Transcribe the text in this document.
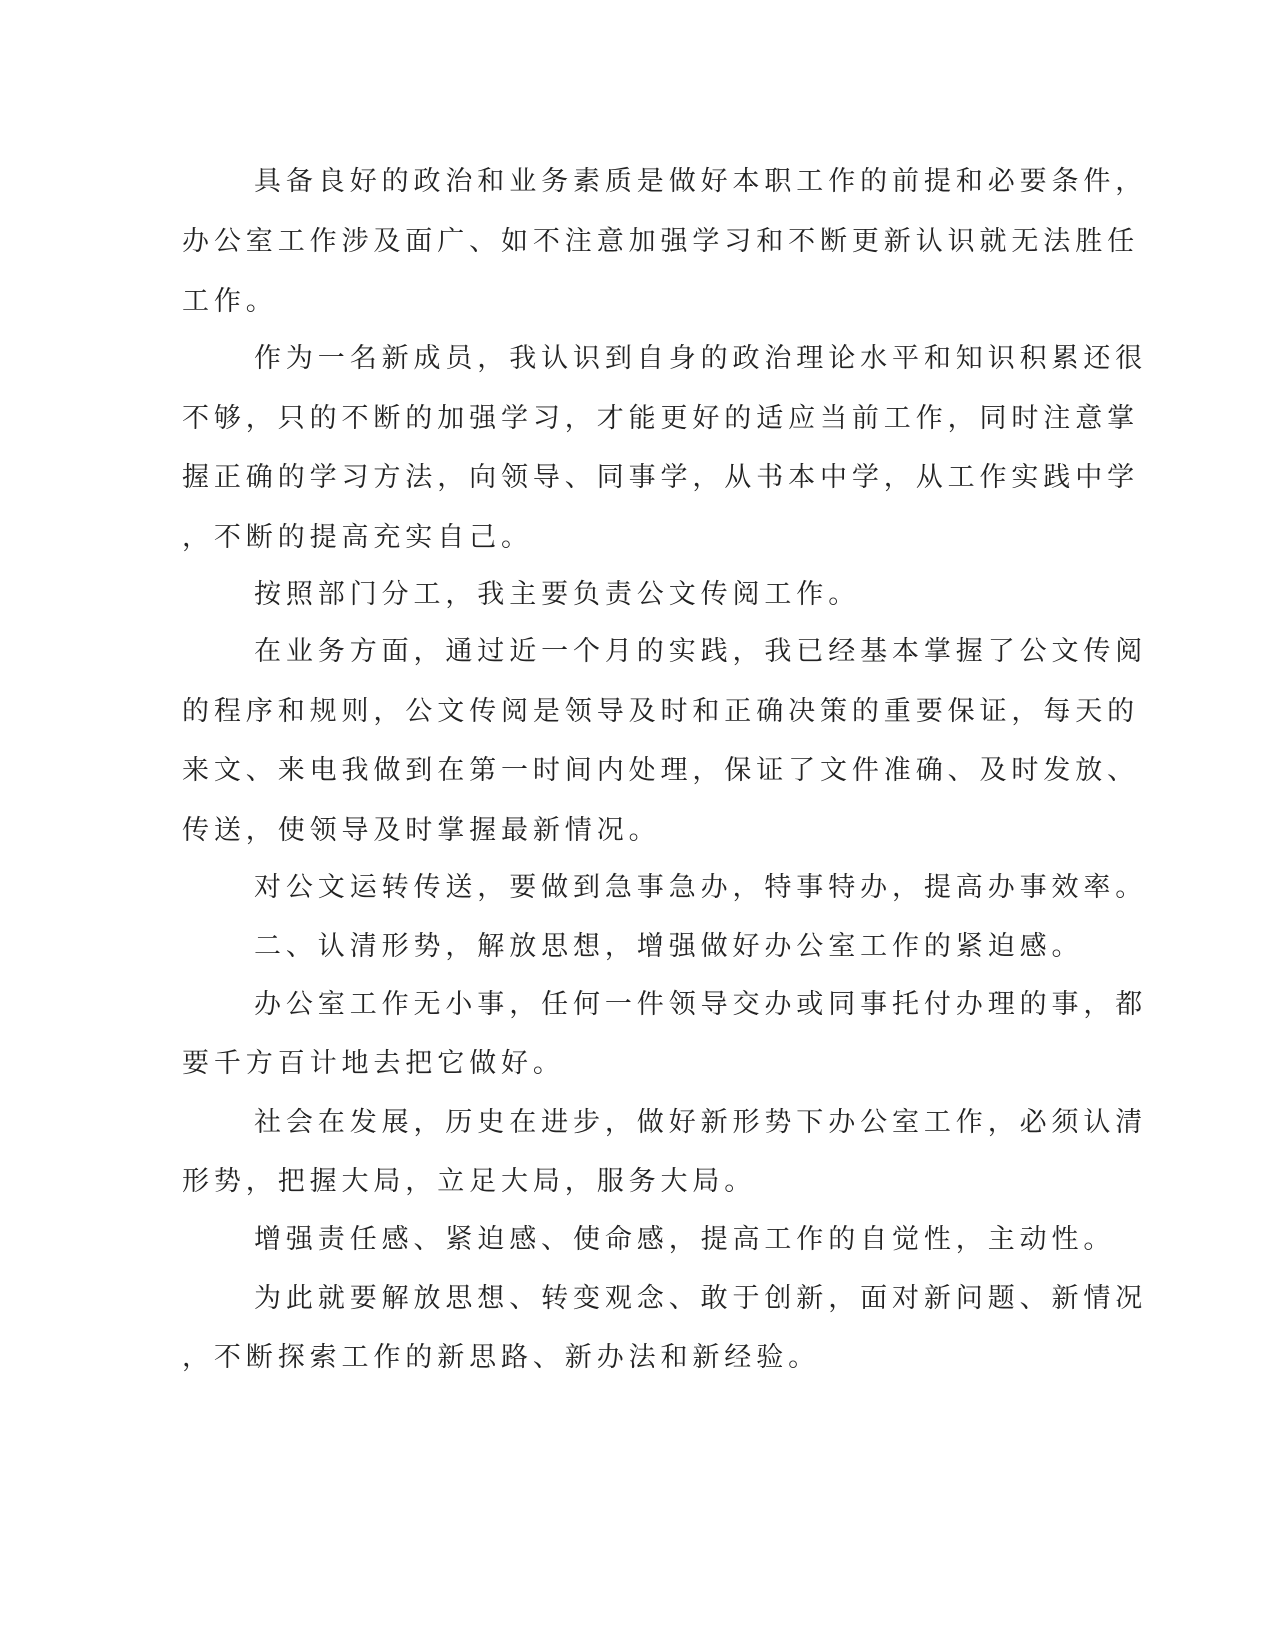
具备良好的政治和业务素质是做好本职工作的前提和必要条件，
办公室工作涉及面广、如不注意加强学习和不断更新认识就无法胜任
工作。
作为一名新成员，我认识到自身的政治理论水平和知识积累还很
不够，只的不断的加强学习，才能更好的适应当前工作，同时注意掌
握正确的学习方法，向领导、同事学，从书本中学，从工作实践中学
，不断的提高充实自己。
按照部门分工，我主要负责公文传阅工作。
在业务方面，通过近一个月的实践，我已经基本掌握了公文传阅
的程序和规则，公文传阅是领导及时和正确决策的重要保证，每天的
来文、来电我做到在第一时间内处理，保证了文件准确、及时发放、
传送，使领导及时掌握最新情况。
对公文运转传送，要做到急事急办，特事特办，提高办事效率。
二、认清形势，解放思想，增强做好办公室工作的紧迫感。
办公室工作无小事，任何一件领导交办或同事托付办理的事，都
要千方百计地去把它做好。
社会在发展，历史在进步，做好新形势下办公室工作，必须认清
形势，把握大局，立足大局，服务大局。
增强责任感、紧迫感、使命感，提高工作的自觉性，主动性。
为此就要解放思想、转变观念、敢于创新，面对新问题、新情况
，不断探索工作的新思路、新办法和新经验。
